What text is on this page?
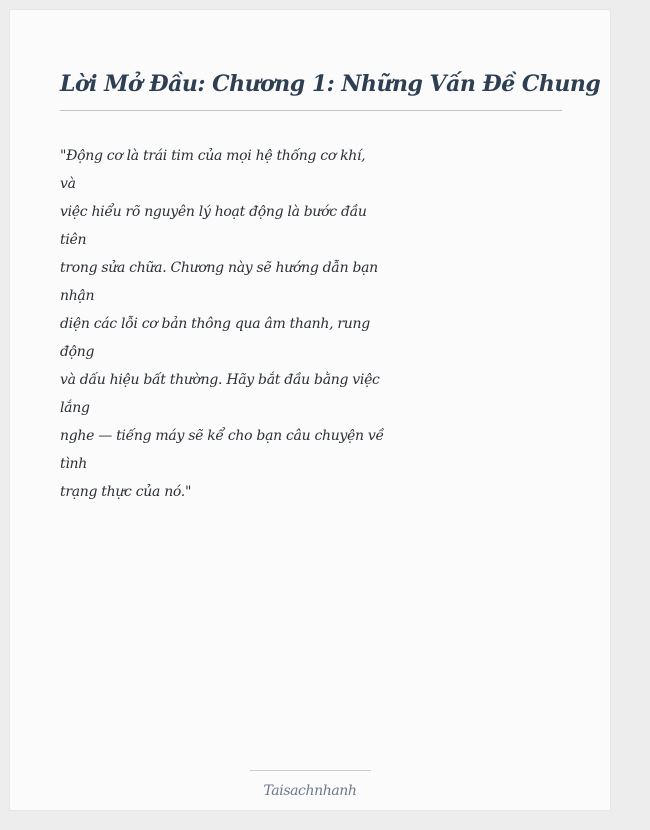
Lời Mở Đầu: Chương 1: Những Vấn Đề Chung
"Động cơ là trái tim của mọi hệ thống cơ khí,
và
việc hiểu rõ nguyên lý hoạt động là bước đầu
tiên
trong sửa chữa. Chương này sẽ hướng dẫn bạn
nhận
diện các lỗi cơ bản thông qua âm thanh, rung
động
và dấu hiệu bất thường. Hãy bắt đầu bằng việc
lắng
nghe — tiếng máy sẽ kể cho bạn câu chuyện về
tình
trạng thực của nó."
Taisachnhanh
